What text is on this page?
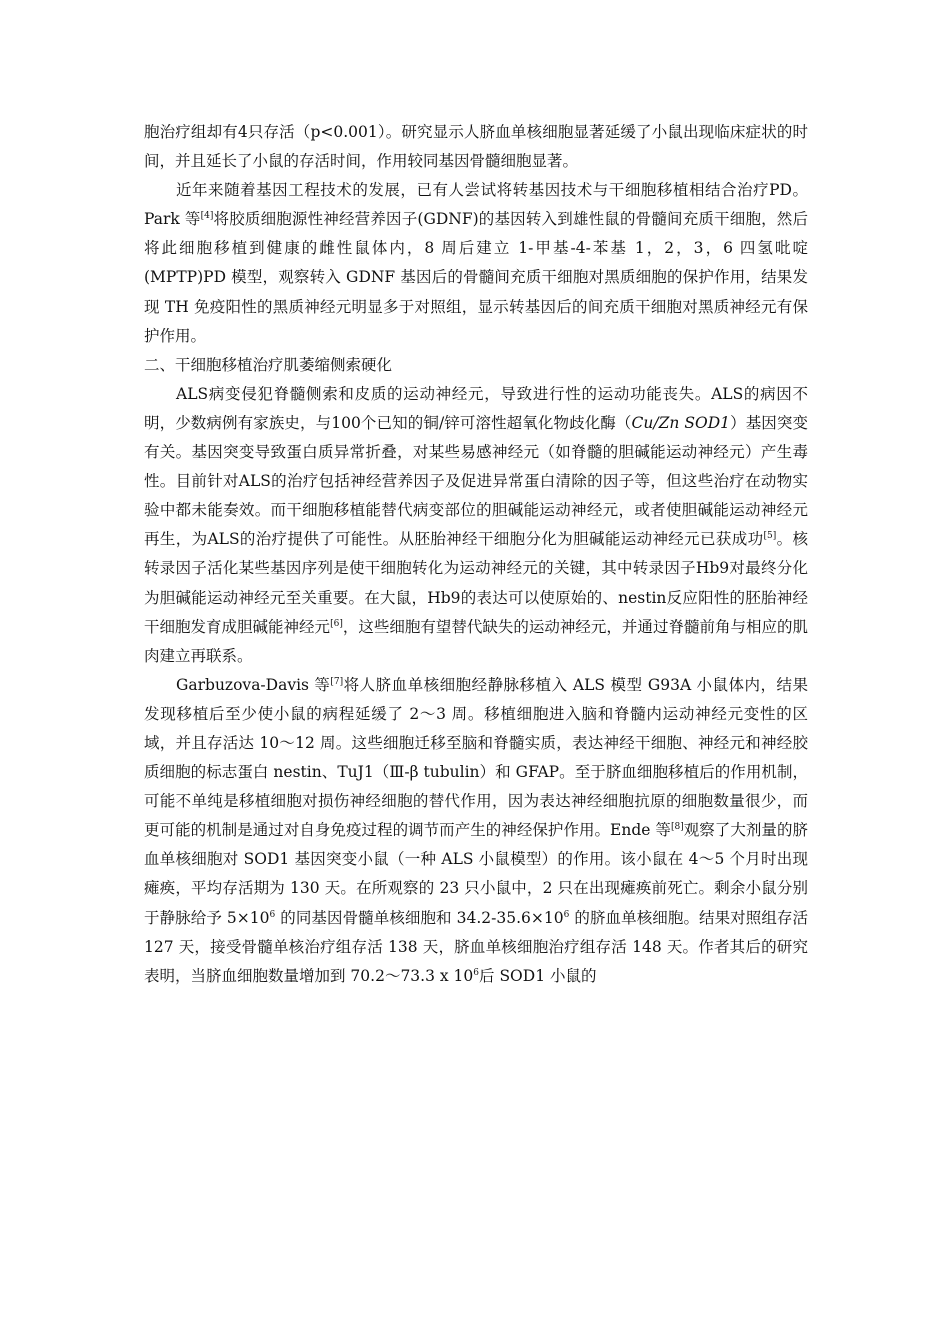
胞治疗组却有4只存活（p<0.001）。研究显示人脐血单核细胞显著延缓了小鼠出现临床症状的时间，并且延长了小鼠的存活时间，作用较同基因骨髓细胞显著。

近年来随着基因工程技术的发展，已有人尝试将转基因技术与干细胞移植相结合治疗PD。Park 等[4]将胶质细胞源性神经营养因子(GDNF)的基因转入到雄性鼠的骨髓间充质干细胞，然后将此细胞移植到健康的雌性鼠体内，8 周后建立 1-甲基-4-苯基 1，2，3，6 四氢吡啶(MPTP)PD 模型，观察转入 GDNF 基因后的骨髓间充质干细胞对黑质细胞的保护作用，结果发现 TH 免疫阳性的黑质神经元明显多于对照组，显示转基因后的间充质干细胞对黑质神经元有保护作用。

二、干细胞移植治疗肌萎缩侧索硬化

ALS病变侵犯脊髓侧索和皮质的运动神经元，导致进行性的运动功能丧失。ALS的病因不明，少数病例有家族史，与100个已知的铜/锌可溶性超氧化物歧化酶（Cu/Zn SOD1）基因突变有关。基因突变导致蛋白质异常折叠，对某些易感神经元（如脊髓的胆碱能运动神经元）产生毒性。目前针对ALS的治疗包括神经营养因子及促进异常蛋白清除的因子等，但这些治疗在动物实验中都未能奏效。而干细胞移植能替代病变部位的胆碱能运动神经元，或者使胆碱能运动神经元再生，为ALS的治疗提供了可能性。从胚胎神经干细胞分化为胆碱能运动神经元已获成功[5]。核转录因子活化某些基因序列是使干细胞转化为运动神经元的关键，其中转录因子Hb9对最终分化为胆碱能运动神经元至关重要。在大鼠，Hb9的表达可以使原始的、nestin反应阳性的胚胎神经干细胞发育成胆碱能神经元[6]，这些细胞有望替代缺失的运动神经元，并通过脊髓前角与相应的肌肉建立再联系。

Garbuzova-Davis 等[7]将人脐血单核细胞经静脉移植入 ALS 模型 G93A 小鼠体内，结果发现移植后至少使小鼠的病程延缓了 2～3 周。移植细胞进入脑和脊髓内运动神经元变性的区域，并且存活达 10～12 周。这些细胞迁移至脑和脊髓实质，表达神经干细胞、神经元和神经胶质细胞的标志蛋白 nestin、TuJ1（Ⅲ-β tubulin）和 GFAP。至于脐血细胞移植后的作用机制，可能不单纯是移植细胞对损伤神经细胞的替代作用，因为表达神经细胞抗原的细胞数量很少，而更可能的机制是通过对自身免疫过程的调节而产生的神经保护作用。Ende 等[8]观察了大剂量的脐血单核细胞对 SOD1 基因突变小鼠（一种 ALS 小鼠模型）的作用。该小鼠在 4～5 个月时出现瘫痪，平均存活期为 130 天。在所观察的 23 只小鼠中，2 只在出现瘫痪前死亡。剩余小鼠分别于静脉给予 $5\times 10^6$ 的同基因骨髓单核细胞和 $34.2-35.6\times 10^6$ 的脐血单核细胞。结果对照组存活 127 天，接受骨髓单核治疗组存活 138 天，脐血单核细胞治疗组存活 148 天。作者其后的研究表明，当脐血细胞数量增加到 70.2～73.3 x $10^6$后 SOD1 小鼠的
